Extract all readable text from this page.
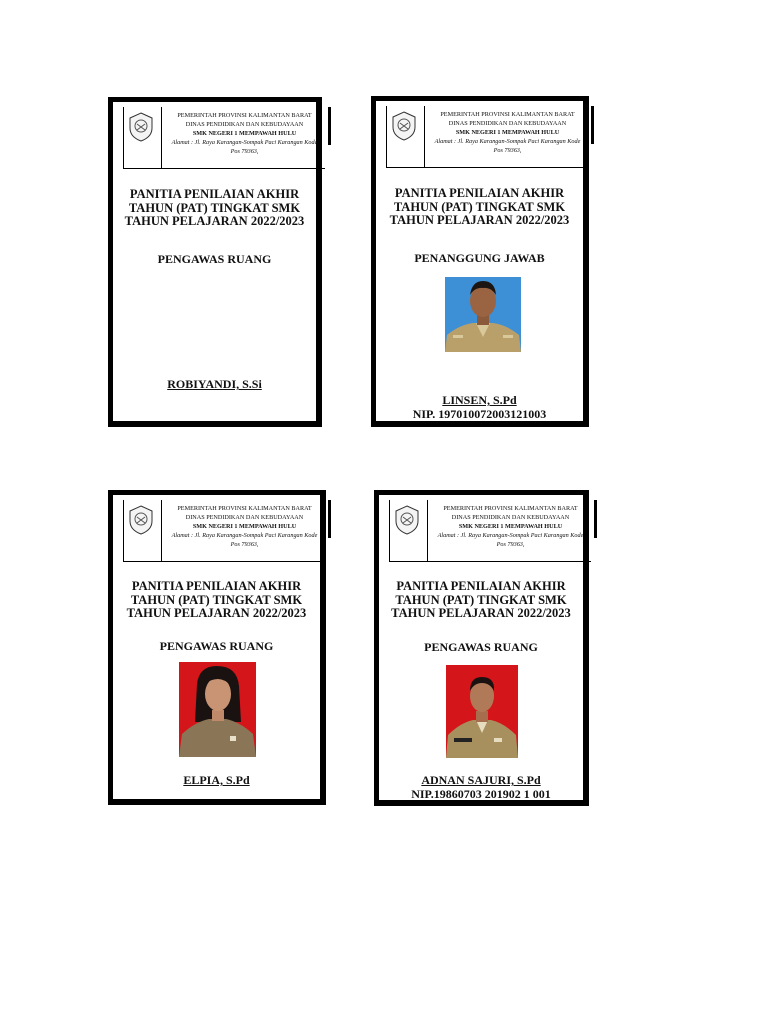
PEMERINTAH PROVINSI KALIMANTAN BARAT
DINAS PENDIDIKAN DAN KEBUDAYAAN
SMK NEGERI 1 MEMPAWAH HULU
Alamat : Jl. Raya Karangan-Sompak Paci Karangan Kode
Pos 79363,
PANITIA PENILAIAN AKHIR
TAHUN (PAT) TINGKAT SMK
TAHUN PELAJARAN 2022/2023
PENGAWAS RUANG
ROBIYANDI, S.Si
PEMERINTAH PROVINSI KALIMANTAN BARAT
DINAS PENDIDIKAN DAN KEBUDAYAAN
SMK NEGERI 1 MEMPAWAH HULU
Alamat : Jl. Raya Karangan-Sompak Paci Karangan Kode
Pos 79363,
PANITIA PENILAIAN AKHIR
TAHUN (PAT) TINGKAT SMK
TAHUN PELAJARAN 2022/2023
PENANGGUNG JAWAB
LINSEN, S.Pd
NIP. 197010072003121003
PEMERINTAH PROVINSI KALIMANTAN BARAT
DINAS PENDIDIKAN DAN KEBUDAYAAN
SMK NEGERI 1 MEMPAWAH HULU
Alamat : Jl. Raya Karangan-Sompak Paci Karangan Kode
Pos 79363,
PANITIA PENILAIAN AKHIR
TAHUN (PAT) TINGKAT SMK
TAHUN PELAJARAN 2022/2023
PENGAWAS RUANG
ELPIA, S.Pd
PEMERINTAH PROVINSI KALIMANTAN BARAT
DINAS PENDIDIKAN DAN KEBUDAYAAN
SMK NEGERI 1 MEMPAWAH HULU
Alamat : Jl. Raya Karangan-Sompak Paci Karangan Kode
Pos 79363,
PANITIA PENILAIAN AKHIR
TAHUN (PAT) TINGKAT SMK
TAHUN PELAJARAN 2022/2023
PENGAWAS RUANG
ADNAN SAJURI, S.Pd
NIP.19860703 201902 1 001
